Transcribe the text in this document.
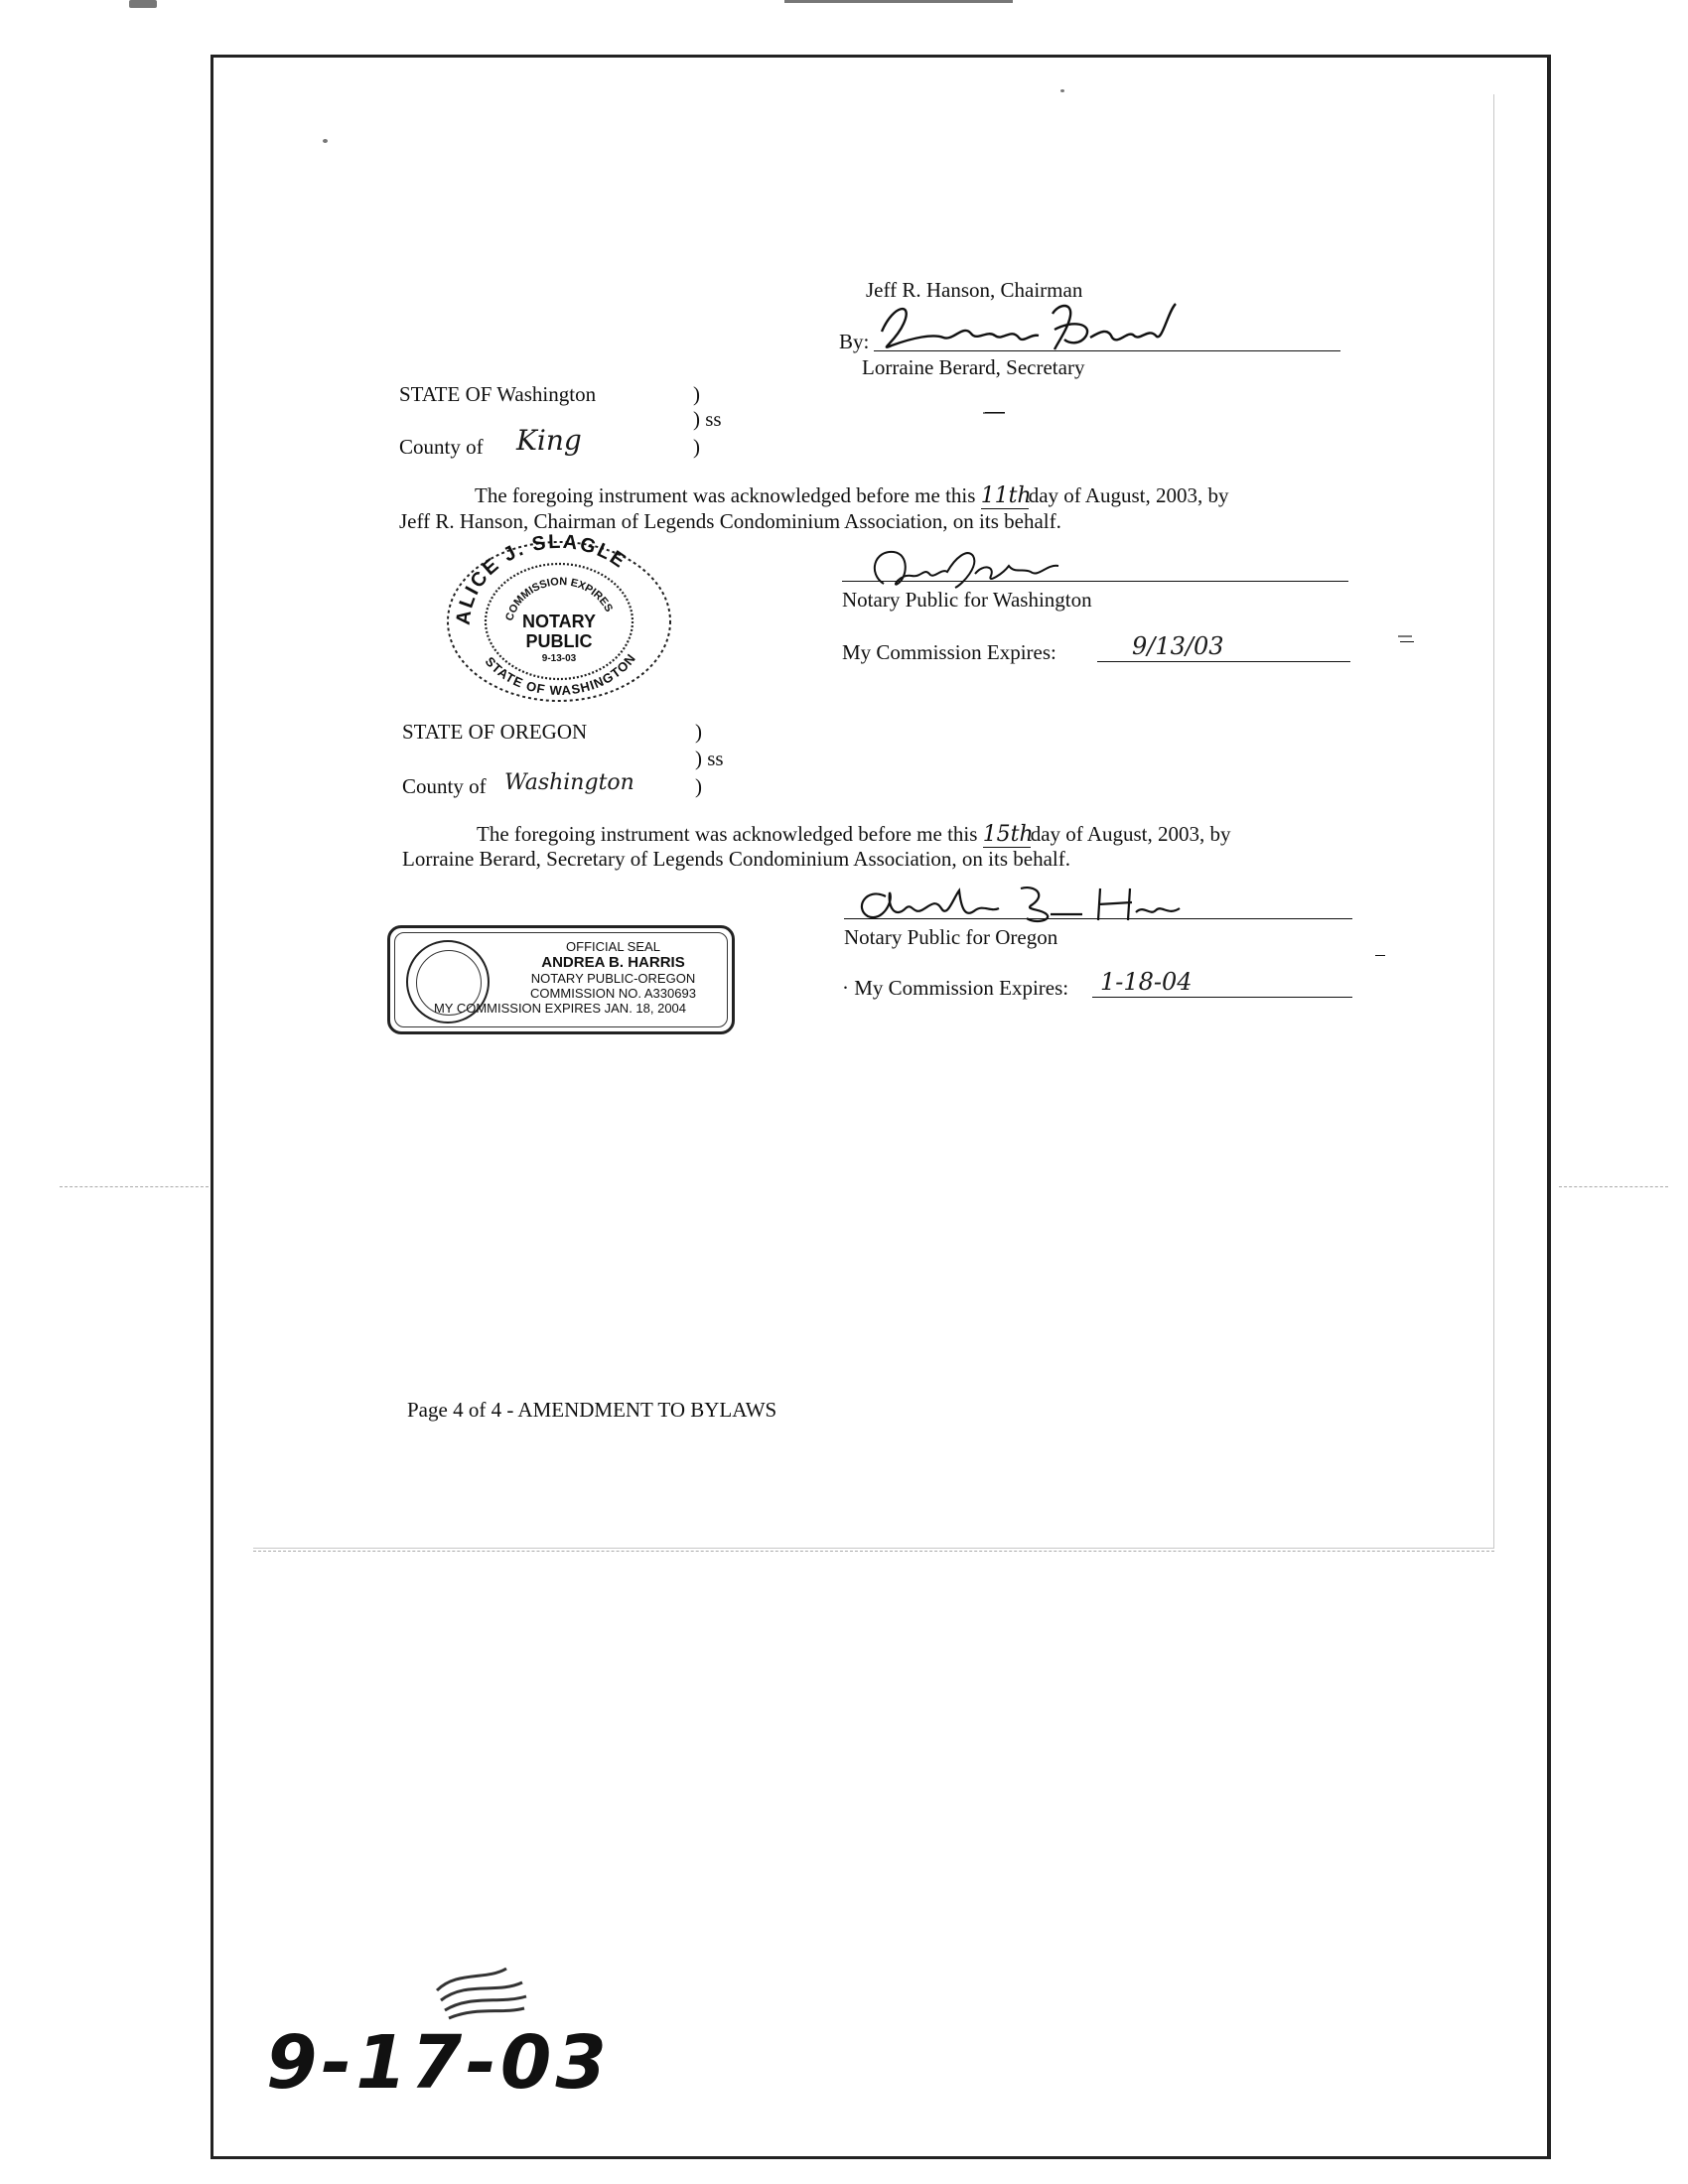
Jeff R. Hanson, Chairman
By:
Lorraine Berard, Secretary
STATE OF Washington	)
) ss
County of King	)
The foregoing instrument was acknowledged before me this 11thday of August, 2003, by
Jeff R. Hanson, Chairman of Legends Condominium Association, on its behalf.
Notary Public for Washington
My Commission Expires:	9/13/03
ALICE J. SLAGLE
COMMISSION EXPIRES
NOTARY
PUBLIC
9-13-03
STATE OF WASHINGTON
STATE OF OREGON	)
) ss
County of Washington	)
The foregoing instrument was acknowledged before me this 15thday of August, 2003, by
Lorraine Berard, Secretary of Legends Condominium Association, on its behalf.
Notary Public for Oregon
· My Commission Expires: 1-18-04
OFFICIAL SEAL
ANDREA B. HARRIS
NOTARY PUBLIC-OREGON
COMMISSION NO. A330693
MY COMMISSION EXPIRES JAN. 18, 2004
Page 4 of 4 - AMENDMENT TO BYLAWS
9-17-03
